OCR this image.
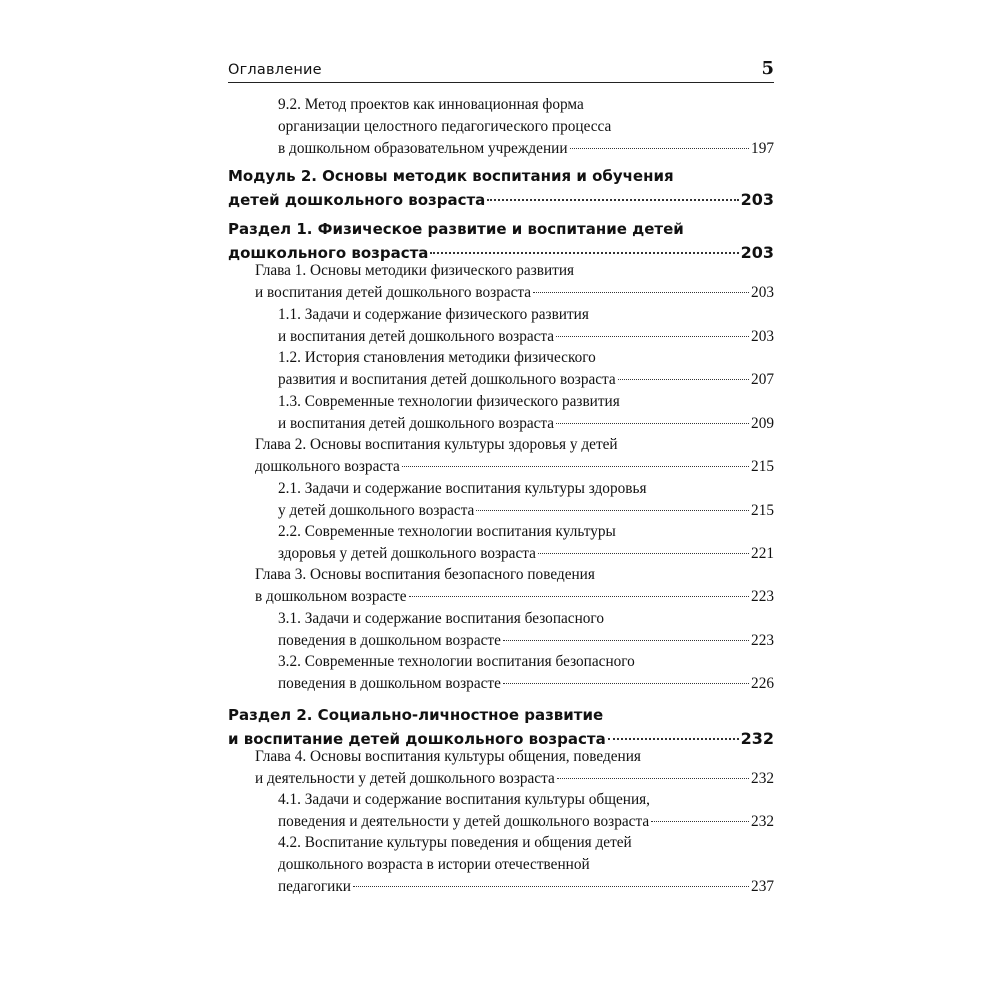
Оглавление	5
9.2. Метод проектов как инновационная форма
организации целостного педагогического процесса
в дошкольном образовательном учреждении	197
Модуль 2. Основы методик воспитания и обучения
детей дошкольного возраста	203
Раздел 1. Физическое развитие и воспитание детей
дошкольного возраста	203
Глава 1. Основы методики физического развития
и воспитания детей дошкольного возраста	203
1.1. Задачи и содержание физического развития
и воспитания детей дошкольного возраста	203
1.2. История становления методики физического
развития и воспитания детей дошкольного возраста	207
1.3. Современные технологии физического развития
и воспитания детей дошкольного возраста	209
Глава 2. Основы воспитания культуры здоровья у детей
дошкольного возраста	215
2.1. Задачи и содержание воспитания культуры здоровья
у детей дошкольного возраста	215
2.2. Современные технологии воспитания культуры
здоровья у детей дошкольного возраста	221
Глава 3. Основы воспитания безопасного поведения
в дошкольном возрасте	223
3.1. Задачи и содержание воспитания безопасного
поведения в дошкольном возрасте	223
3.2. Современные технологии воспитания безопасного
поведения в дошкольном возрасте	226
Раздел 2. Социально-личностное развитие
и воспитание детей дошкольного возраста	232
Глава 4. Основы воспитания культуры общения, поведения
и деятельности у детей дошкольного возраста	232
4.1. Задачи и содержание воспитания культуры общения,
поведения и деятельности у детей дошкольного возраста	232
4.2. Воспитание культуры поведения и общения детей
дошкольного возраста в истории отечественной
педагогики	237
